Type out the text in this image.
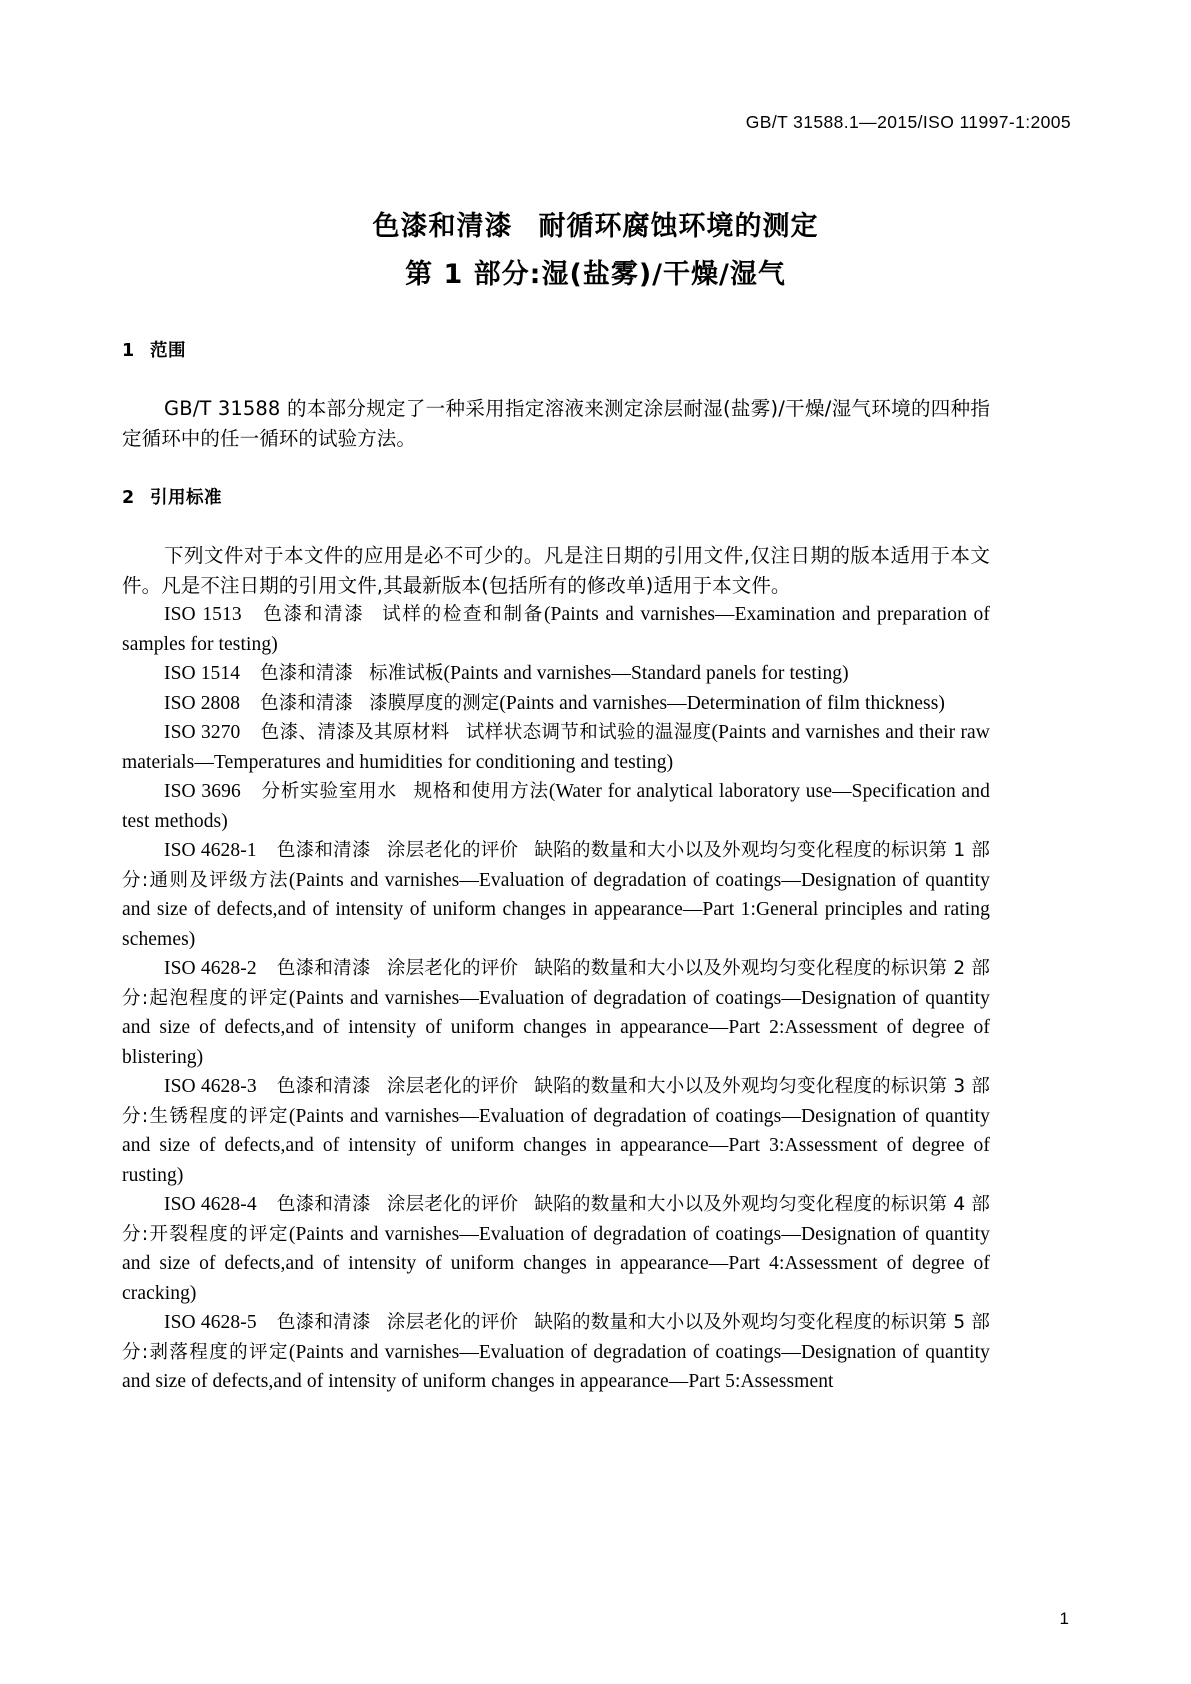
GB/T 31588.1—2015/ISO 11997-1:2005
色漆和清漆 耐循环腐蚀环境的测定
第 1 部分:湿(盐雾)/干燥/湿气
1 范围

GB/T 31588 的本部分规定了一种采用指定溶液来测定涂层耐湿(盐雾)/干燥/湿气环境的四种指定循环中的任一循环的试验方法。

2 引用标准

下列文件对于本文件的应用是必不可少的。凡是注日期的引用文件,仅注日期的版本适用于本文件。凡是不注日期的引用文件,其最新版本(包括所有的修改单)适用于本文件。

ISO 1513 色漆和清漆 试样的检查和制备(Paints and varnishes—Examination and preparation of samples for testing)

ISO 1514 色漆和清漆 标准试板(Paints and varnishes—Standard panels for testing)

ISO 2808 色漆和清漆 漆膜厚度的测定(Paints and varnishes—Determination of film thickness)

ISO 3270 色漆、清漆及其原材料 试样状态调节和试验的温湿度(Paints and varnishes and their raw materials—Temperatures and humidities for conditioning and testing)

ISO 3696 分析实验室用水 规格和使用方法(Water for analytical laboratory use—Specification and test methods)

ISO 4628-1 色漆和清漆 涂层老化的评价 缺陷的数量和大小以及外观均匀变化程度的标识第 1 部分:通则及评级方法(Paints and varnishes—Evaluation of degradation of coatings—Designation of quantity and size of defects,and of intensity of uniform changes in appearance—Part 1:General principles and rating schemes)

ISO 4628-2 色漆和清漆 涂层老化的评价 缺陷的数量和大小以及外观均匀变化程度的标识第 2 部分:起泡程度的评定(Paints and varnishes—Evaluation of degradation of coatings—Designation of quantity and size of defects,and of intensity of uniform changes in appearance—Part 2:Assessment of degree of blistering)

ISO 4628-3 色漆和清漆 涂层老化的评价 缺陷的数量和大小以及外观均匀变化程度的标识第 3 部分:生锈程度的评定(Paints and varnishes—Evaluation of degradation of coatings—Designation of quantity and size of defects,and of intensity of uniform changes in appearance—Part 3:Assessment of degree of rusting)

ISO 4628-4 色漆和清漆 涂层老化的评价 缺陷的数量和大小以及外观均匀变化程度的标识第 4 部分:开裂程度的评定(Paints and varnishes—Evaluation of degradation of coatings—Designation of quantity and size of defects,and of intensity of uniform changes in appearance—Part 4:Assessment of degree of cracking)

ISO 4628-5 色漆和清漆 涂层老化的评价 缺陷的数量和大小以及外观均匀变化程度的标识第 5 部分:剥落程度的评定(Paints and varnishes—Evaluation of degradation of coatings—Designation of quantity and size of defects,and of intensity of uniform changes in appearance—Part 5:Assessment

1
